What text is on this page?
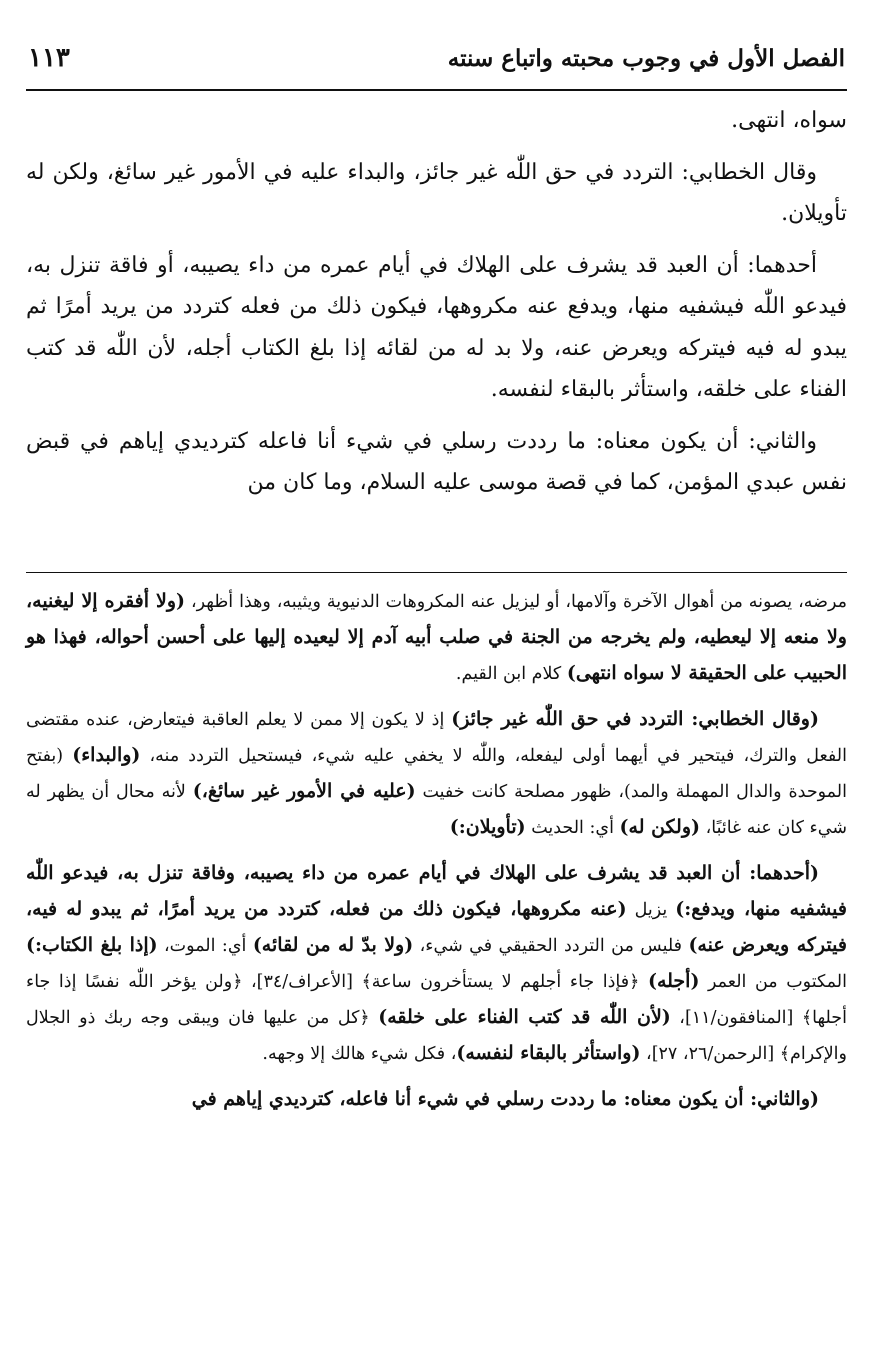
الفصل الأول في وجوب محبته واتباع سنته
١١٣

سواه، انتهى.

وقال الخطابي: التردد في حق اللّٰه غير جائز، والبداء عليه في الأمور غير سائغ، ولكن له تأويلان.

أحدهما: أن العبد قد يشرف على الهلاك في أيام عمره من داء يصيبه، أو فاقة تنزل به، فيدعو اللّٰه فيشفيه منها، ويدفع عنه مكروهها، فيكون ذلك من فعله كتردد من يريد أمرًا ثم يبدو له فيه فيتركه ويعرض عنه، ولا بد له من لقائه إذا بلغ الكتاب أجله، لأن اللّٰه قد كتب الفناء على خلقه، واستأثر بالبقاء لنفسه.

والثاني: أن يكون معناه: ما رددت رسلي في شيء أنا فاعله كترديدي إياهم في قبض نفس عبدي المؤمن، كما في قصة موسى عليه السلام، وما كان من

مرضه، يصونه من أهوال الآخرة وآلامها، أو ليزيل عنه المكروهات الدنيوية ويثيبه، وهذا أظهر، (ولا أفقره إلا ليغنيه، ولا منعه إلا ليعطيه، ولم يخرجه من الجنة في صلب أبيه آدم إلا ليعيده إليها على أحسن أحواله، فهذا هو الحبيب على الحقيقة لا سواه انتهى) كلام ابن القيم.

(وقال الخطابي: التردد في حق اللّٰه غير جائز) إذ لا يكون إلا ممن لا يعلم العاقبة فيتعارض، عنده مقتضى الفعل والترك، فيتحير في أيهما أولى ليفعله، واللّٰه لا يخفي عليه شيء، فيستحيل التردد منه، (والبداء) (بفتح الموحدة والدال المهملة والمد)، ظهور مصلحة كانت خفيت (عليه في الأمور غير سائغ،) لأنه محال أن يظهر له شيء كان عنه غائبًا، (ولكن له) أي: الحديث (تأويلان:)

(أحدهما: أن العبد قد يشرف على الهلاك في أيام عمره من داء يصيبه، وفاقة تنزل به، فيدعو اللّٰه فيشفيه منها، ويدفع:) يزيل (عنه مكروهها، فيكون ذلك من فعله، كتردد من يريد أمرًا، ثم يبدو له فيه، فيتركه ويعرض عنه) فليس من التردد الحقيقي في شيء، (ولا بدّ له من لقائه) أي: الموت، (إذا بلغ الكتاب:) المكتوب من العمر (أجله) ﴿فإذا جاء أجلهم لا يستأخرون ساعة﴾ [الأعراف/٣٤]، ﴿ولن يؤخر اللّٰه نفسًا إذا جاء أجلها﴾ [المنافقون/١١]، (لأن اللّٰه قد كتب الفناء على خلقه) ﴿كل من عليها فان ويبقى وجه ربك ذو الجلال والإكرام﴾ [الرحمن/٢٦، ٢٧]، (واستأثر بالبقاء لنفسه)، فكل شيء هالك إلا وجهه.

(والثاني: أن يكون معناه: ما رددت رسلي في شيء أنا فاعله، كترديدي إياهم في
